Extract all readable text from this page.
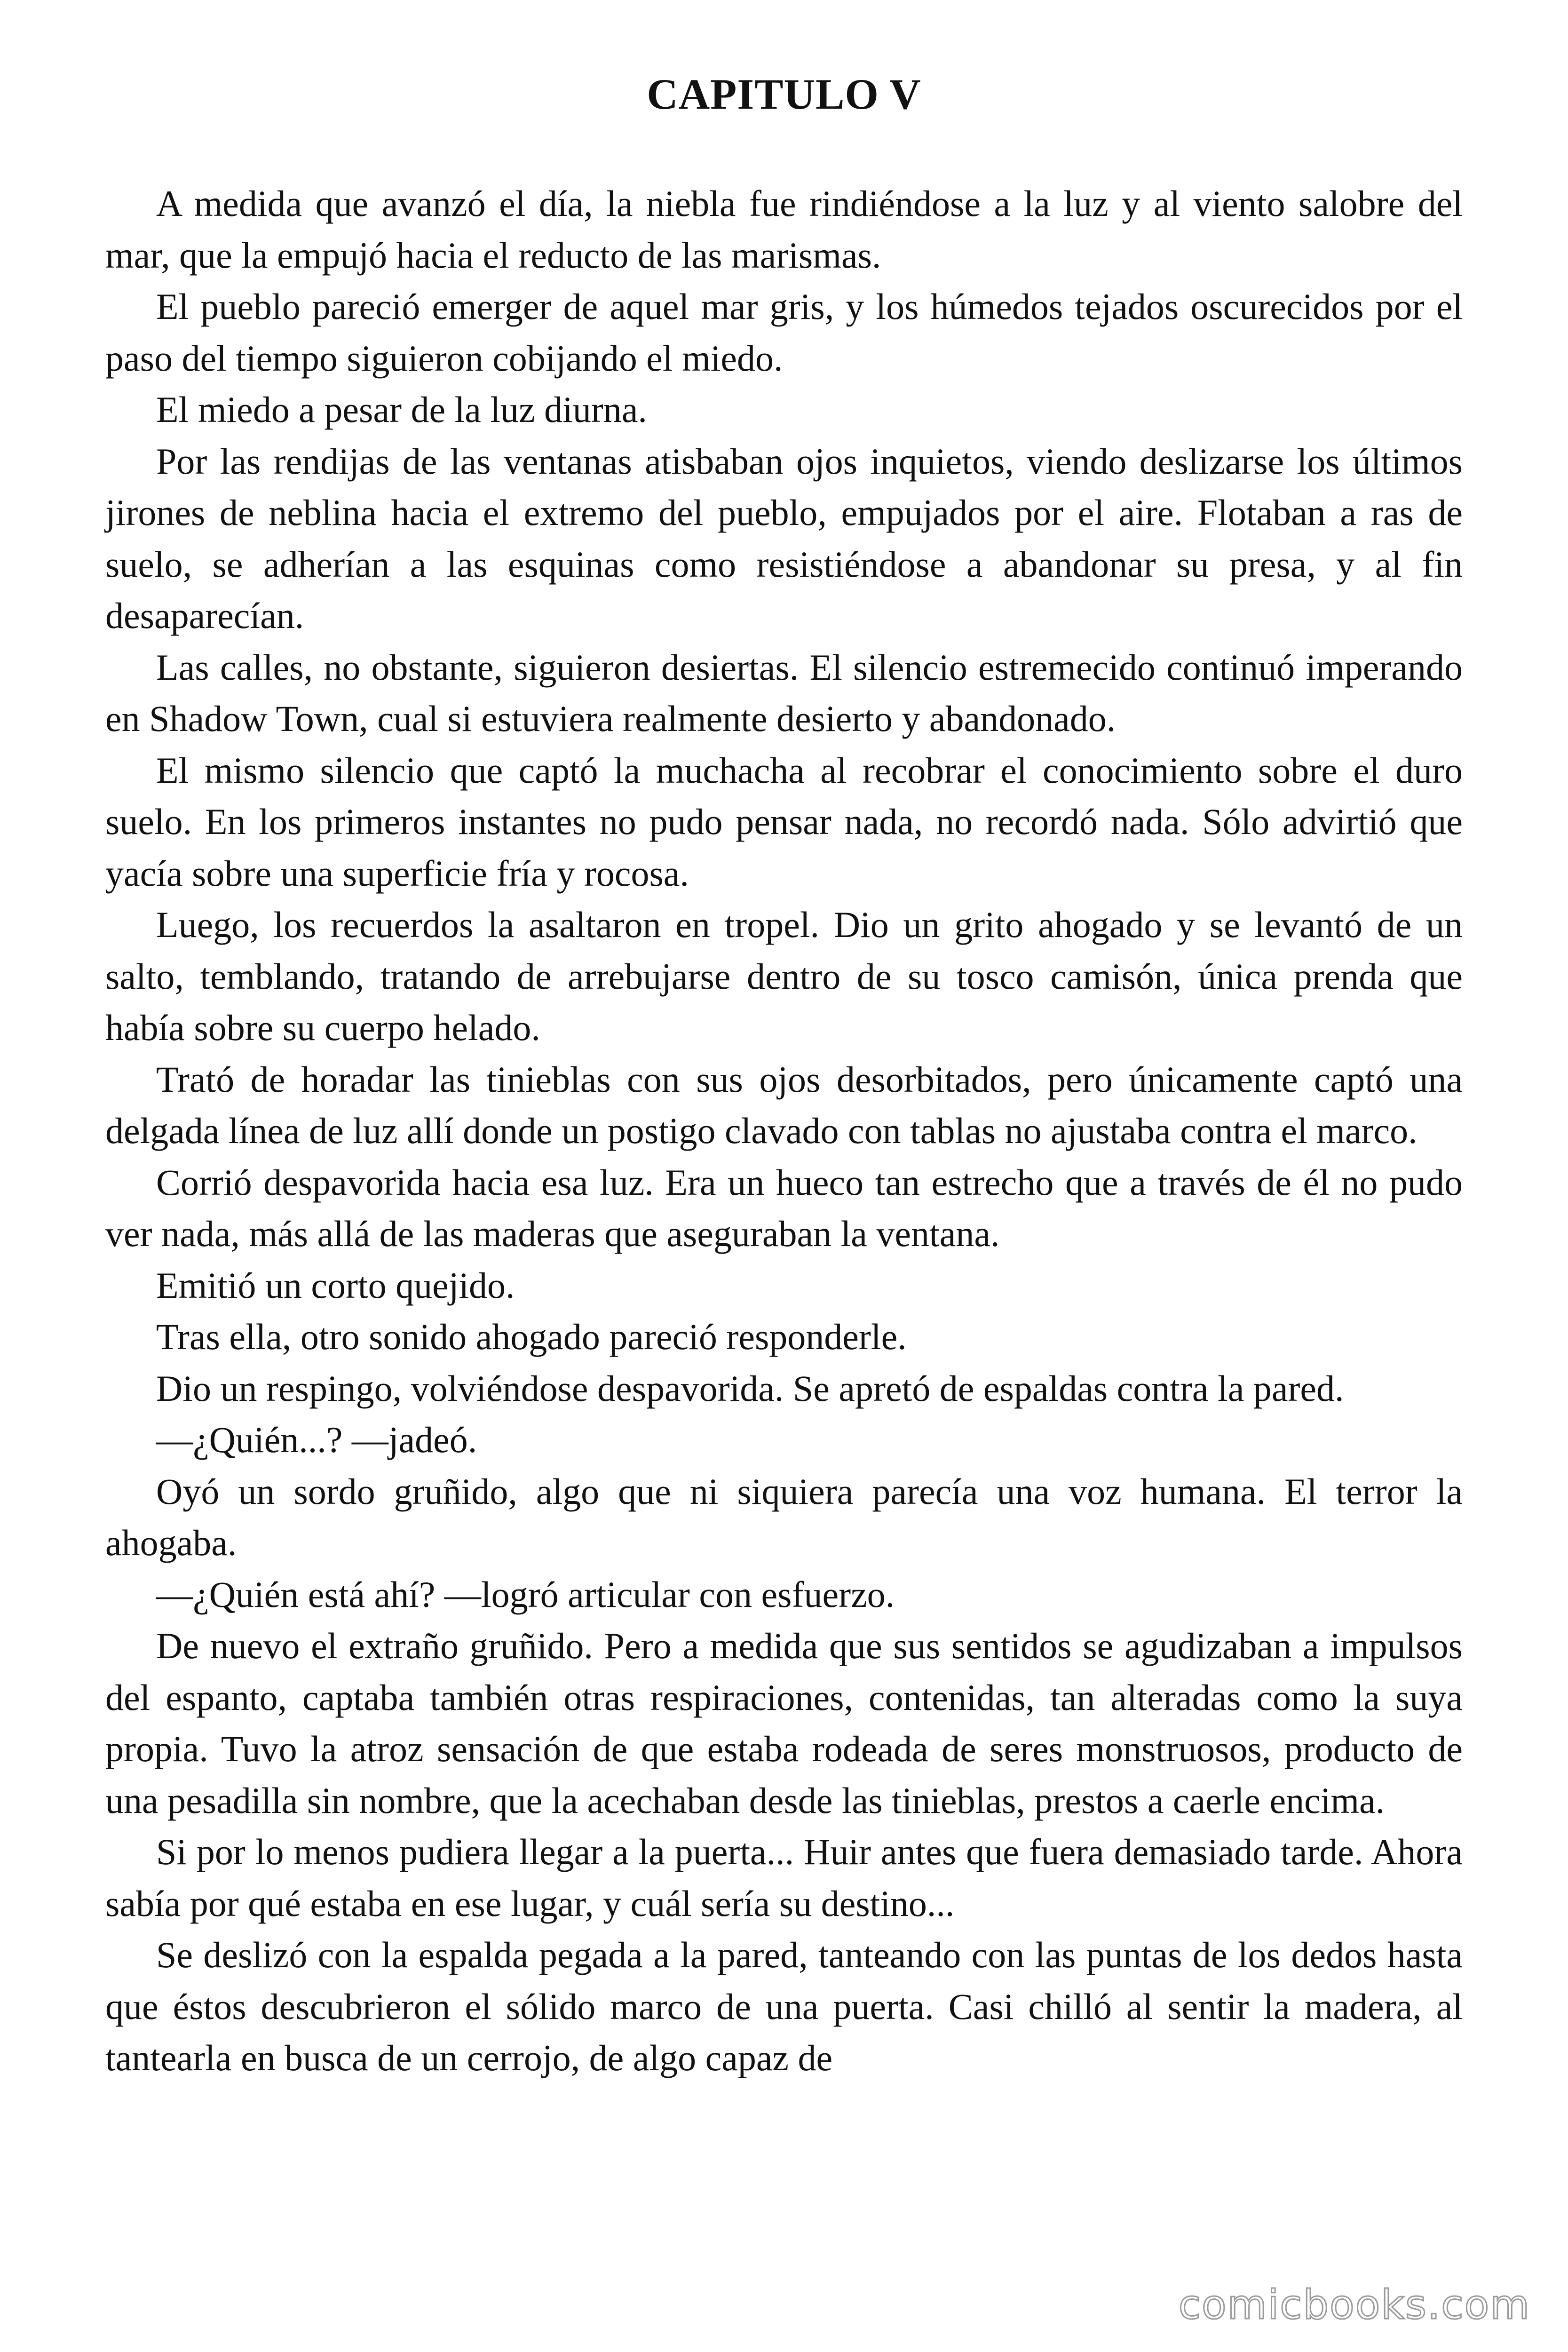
CAPITULO V

A medida que avanzó el día, la niebla fue rindiéndose a la luz y al viento salobre del mar, que la empujó hacia el reducto de las marismas.

El pueblo pareció emerger de aquel mar gris, y los húmedos tejados oscurecidos por el paso del tiempo siguieron cobijando el miedo.

El miedo a pesar de la luz diurna.

Por las rendijas de las ventanas atisbaban ojos inquietos, viendo deslizarse los últimos jirones de neblina hacia el extremo del pueblo, empujados por el aire. Flotaban a ras de suelo, se adherían a las esquinas como resistiéndose a abandonar su presa, y al fin desaparecían.

Las calles, no obstante, siguieron desiertas. El silencio estremecido continuó imperando en Shadow Town, cual si estuviera realmente desierto y abandonado.

El mismo silencio que captó la muchacha al recobrar el conocimiento sobre el duro suelo. En los primeros instantes no pudo pensar nada, no recordó nada. Sólo advirtió que yacía sobre una superficie fría y rocosa.

Luego, los recuerdos la asaltaron en tropel. Dio un grito ahogado y se levantó de un salto, temblando, tratando de arrebujarse dentro de su tosco camisón, única prenda que había sobre su cuerpo helado.

Trató de horadar las tinieblas con sus ojos desorbitados, pero únicamente captó una delgada línea de luz allí donde un postigo clavado con tablas no ajustaba contra el marco.

Corrió despavorida hacia esa luz. Era un hueco tan estrecho que a través de él no pudo ver nada, más allá de las maderas que aseguraban la ventana.

Emitió un corto quejido.

Tras ella, otro sonido ahogado pareció responderle.

Dio un respingo, volviéndose despavorida. Se apretó de espaldas contra la pared.

—¿Quién...? —jadeó.

Oyó un sordo gruñido, algo que ni siquiera parecía una voz humana. El terror la ahogaba.

—¿Quién está ahí? —logró articular con esfuerzo.

De nuevo el extraño gruñido. Pero a medida que sus sentidos se agudizaban a impulsos del espanto, captaba también otras respiraciones, contenidas, tan alteradas como la suya propia. Tuvo la atroz sensación de que estaba rodeada de seres monstruosos, producto de una pesadilla sin nombre, que la acechaban desde las tinieblas, prestos a caerle encima.

Si por lo menos pudiera llegar a la puerta... Huir antes que fuera demasiado tarde. Ahora sabía por qué estaba en ese lugar, y cuál sería su destino...

Se deslizó con la espalda pegada a la pared, tanteando con las puntas de los dedos hasta que éstos descubrieron el sólido marco de una puerta. Casi chilló al sentir la madera, al tantearla en busca de un cerrojo, de algo capaz de

comicbooks.com
